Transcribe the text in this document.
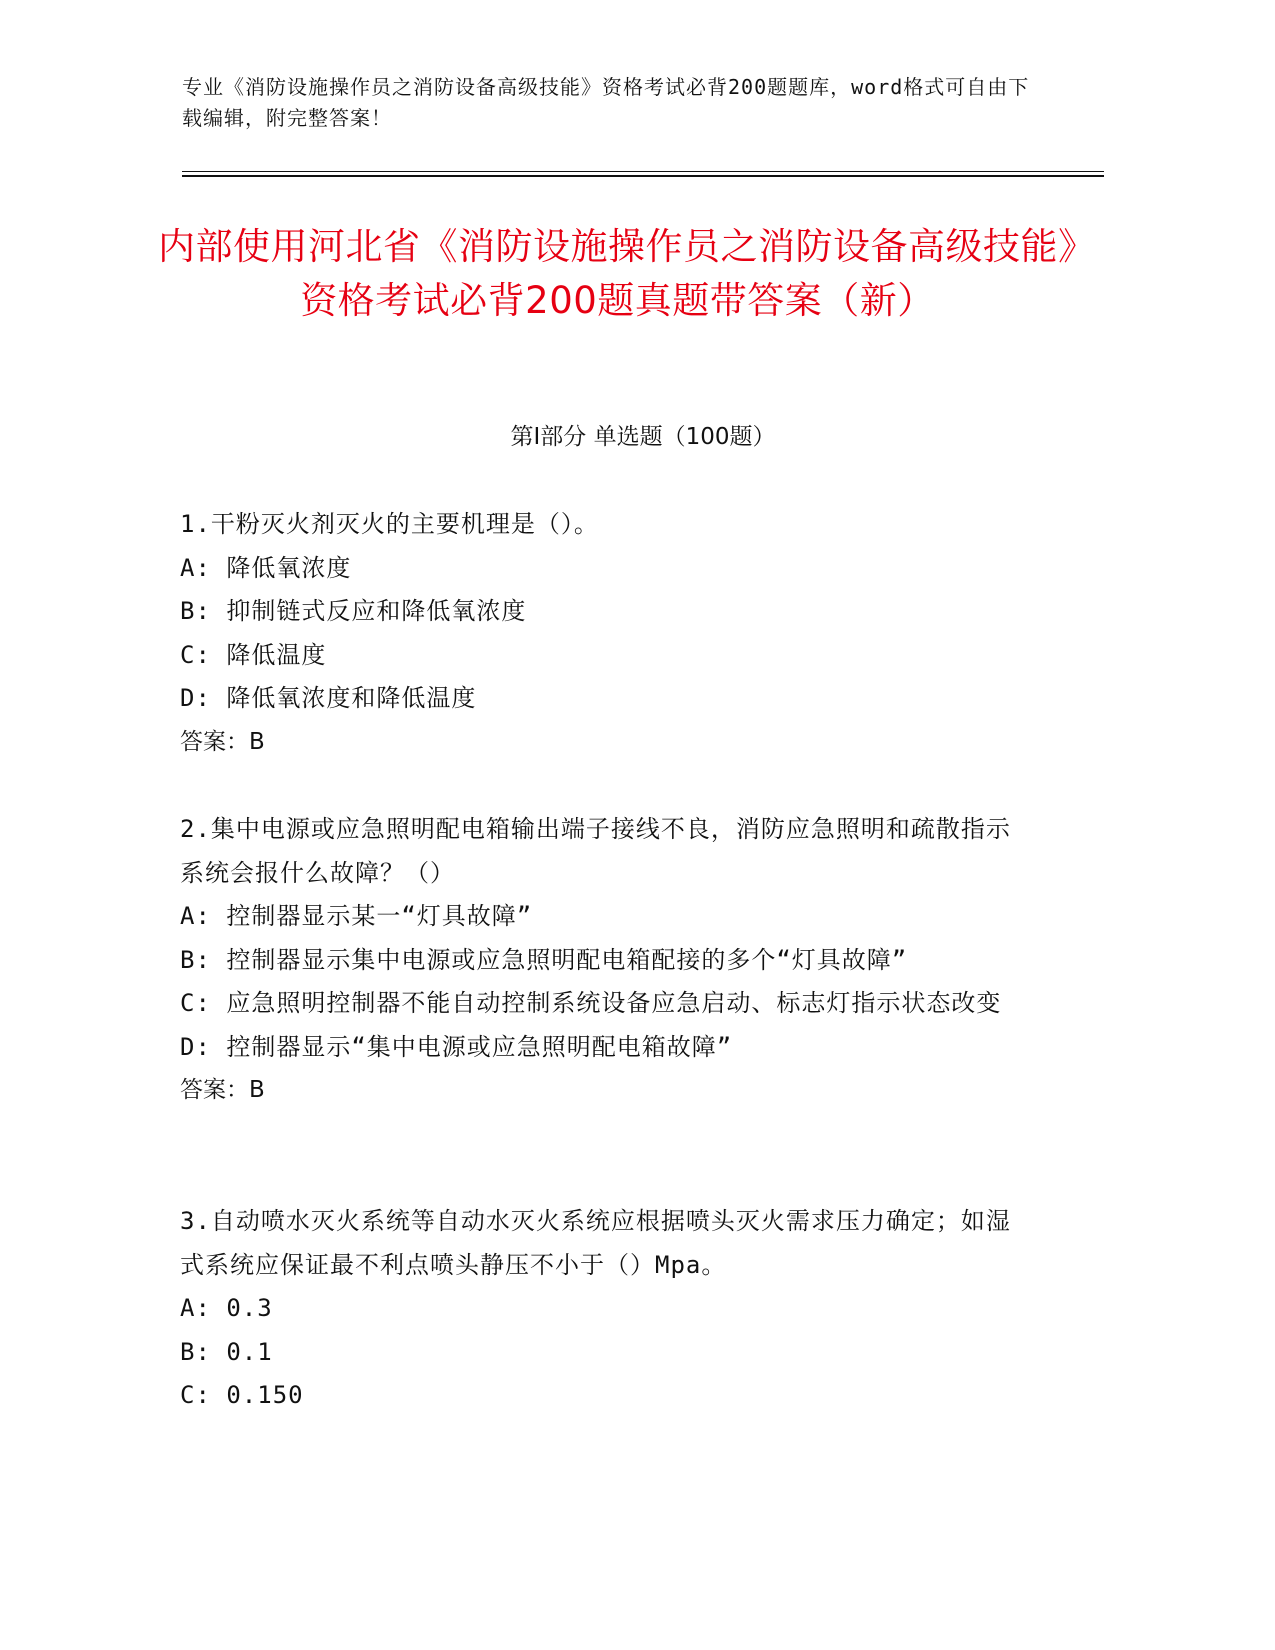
专业《消防设施操作员之消防设备高级技能》资格考试必背200题题库，word格式可自由下载编辑，附完整答案！
内部使用河北省《消防设施操作员之消防设备高级技能》资格考试必背200题真题带答案（新）
第Ⅰ部分 单选题（100题）
1.干粉灭火剂灭火的主要机理是（）。
A: 降低氧浓度
B: 抑制链式反应和降低氧浓度
C: 降低温度
D: 降低氧浓度和降低温度
答案：B
2.集中电源或应急照明配电箱输出端子接线不良，消防应急照明和疏散指示系统会报什么故障？（）
A: 控制器显示某一“灯具故障”
B: 控制器显示集中电源或应急照明配电箱配接的多个“灯具故障”
C: 应急照明控制器不能自动控制系统设备应急启动、标志灯指示状态改变
D: 控制器显示“集中电源或应急照明配电箱故障”
答案：B
3.自动喷水灭火系统等自动水灭火系统应根据喷头灭火需求压力确定；如湿式系统应保证最不利点喷头静压不小于（）Mpa。
A: 0.3
B: 0.1
C: 0.150
